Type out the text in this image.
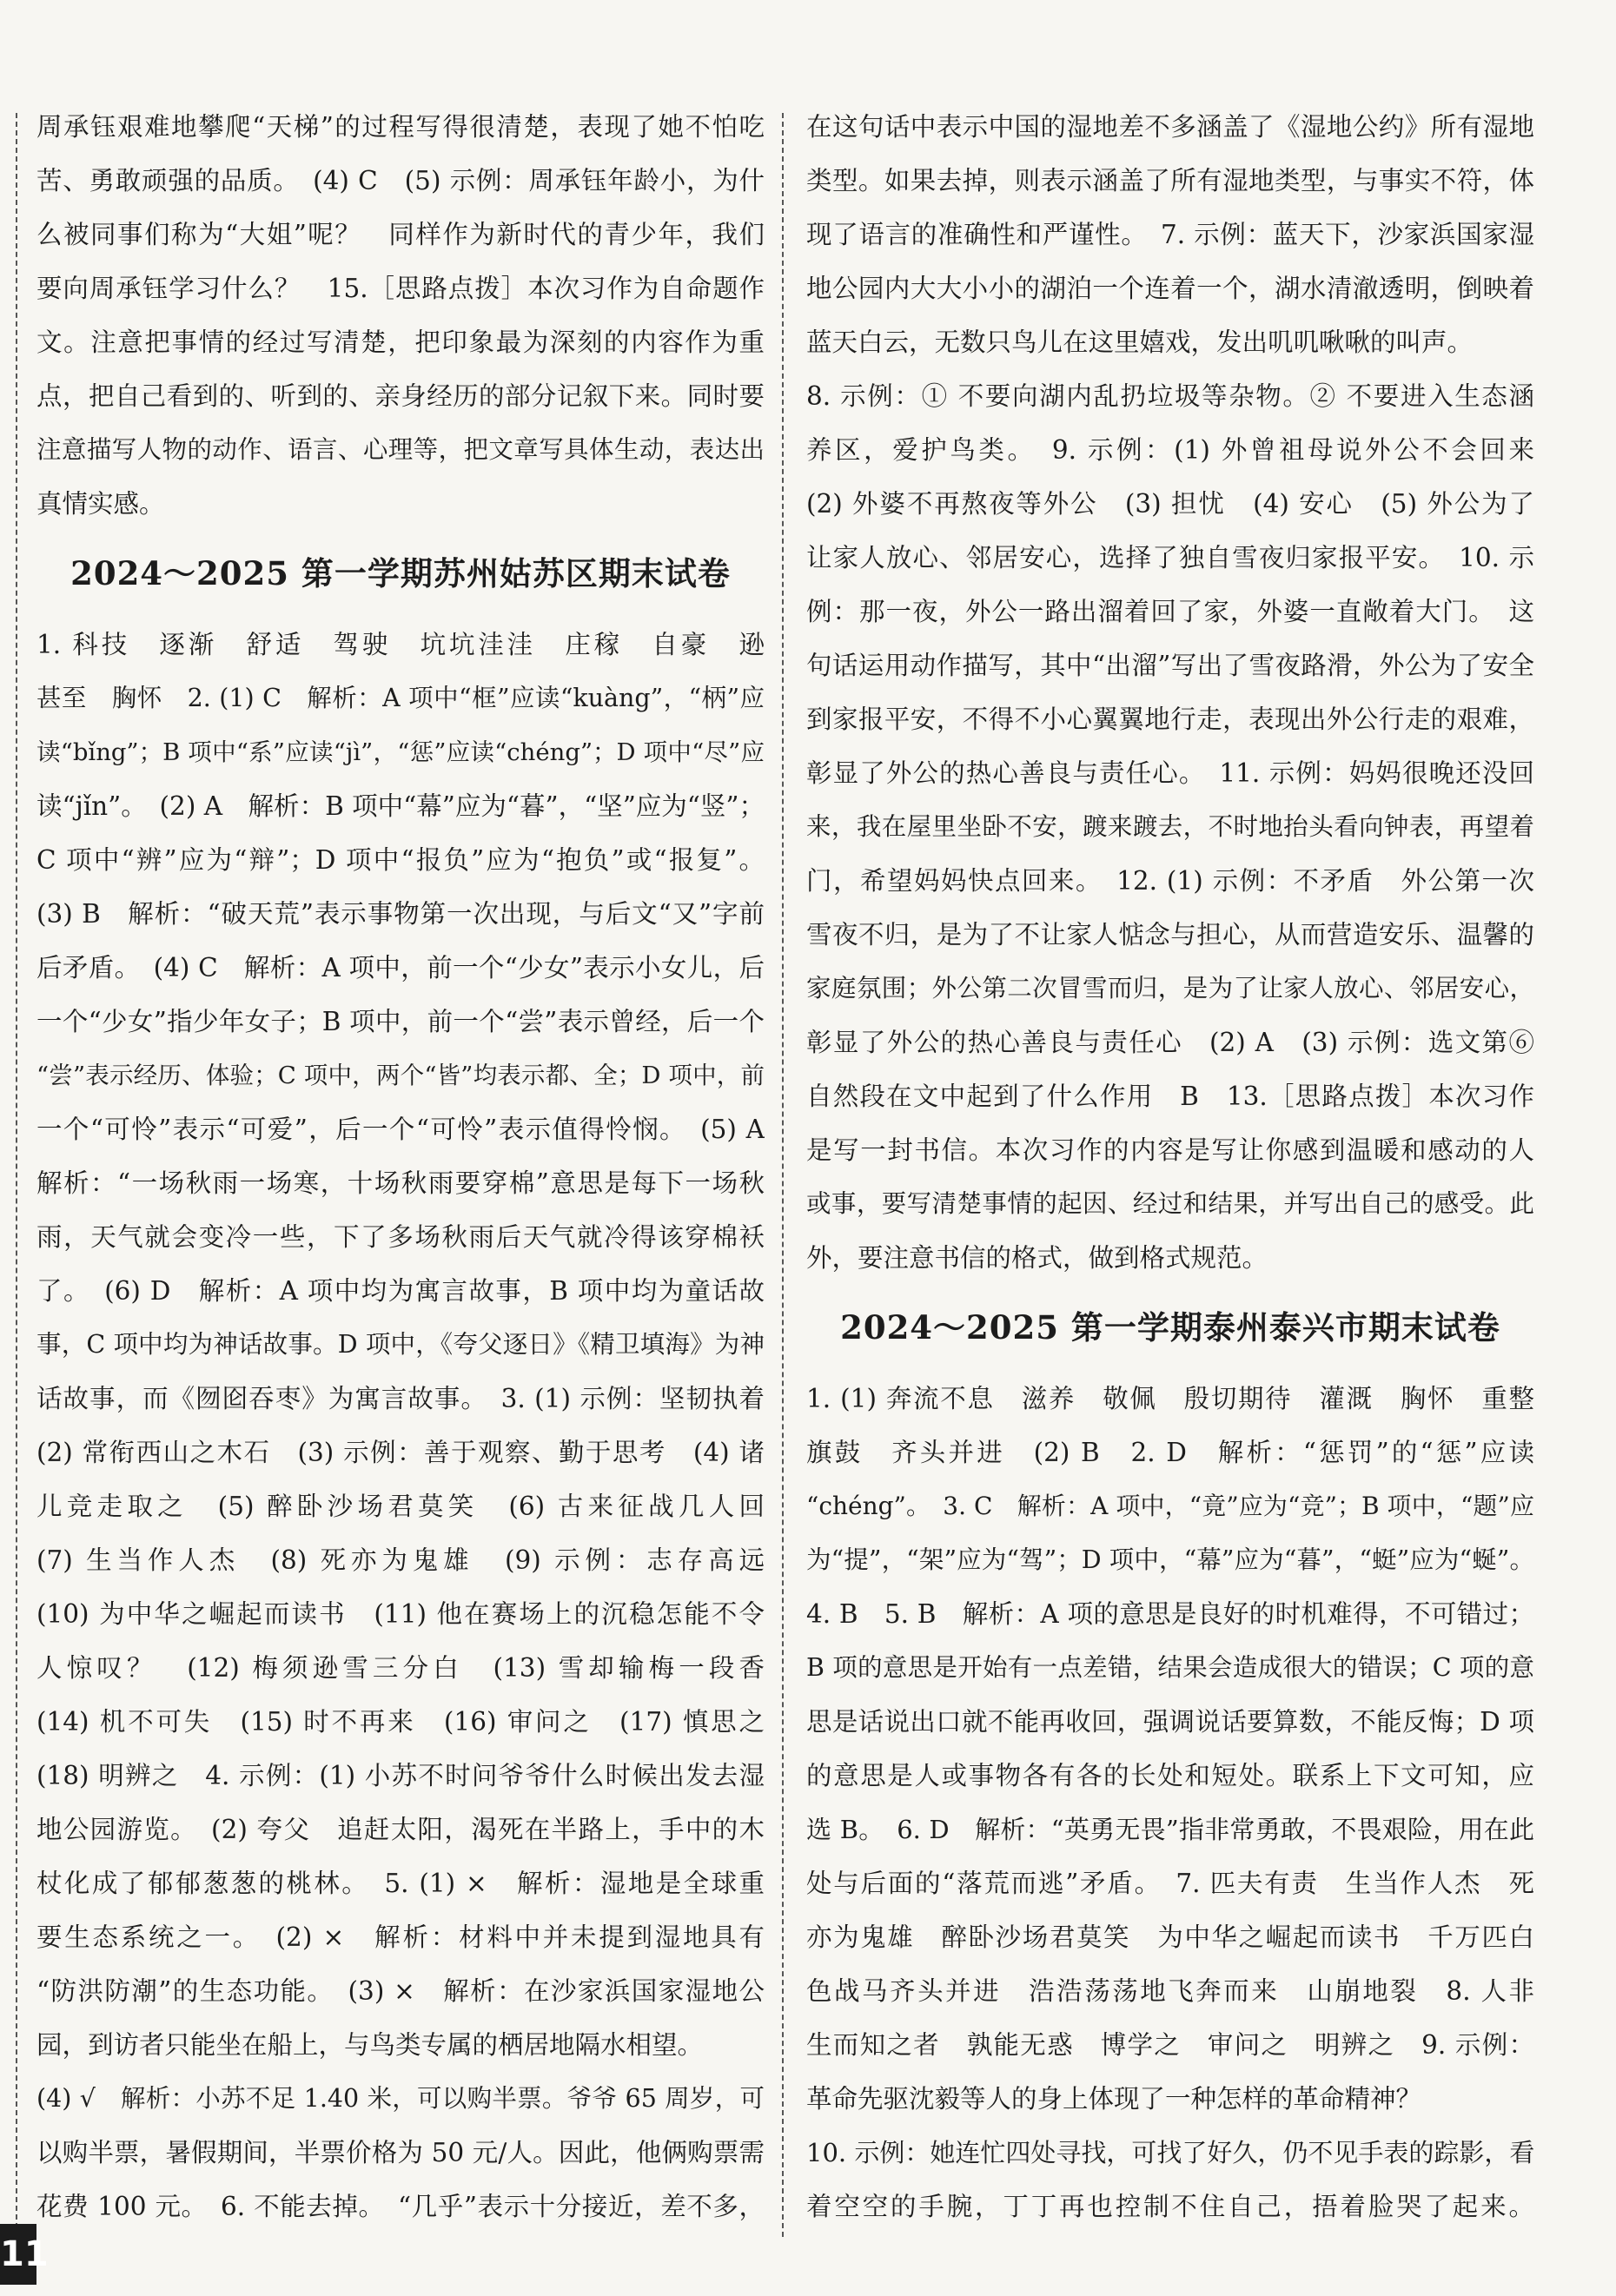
周承钰艰难地攀爬“天梯”的过程写得很清楚，表现了她不怕吃

苦、勇敢顽强的品质。　(4) C　(5) 示例：周承钰年龄小，为什

么被同事们称为“大姐”呢？　同样作为新时代的青少年，我们

要向周承钰学习什么？　15.［思路点拨］本次习作为自命题作

文。注意把事情的经过写清楚，把印象最为深刻的内容作为重

点，把自己看到的、听到的、亲身经历的部分记叙下来。同时要

注意描写人物的动作、语言、心理等，把文章写具体生动，表达出

真情实感。

2024～2025 第一学期苏州姑苏区期末试卷

1. 科技　逐渐　舒适　驾驶　坑坑洼洼　庄稼　自豪　逊

甚至　胸怀　2. (1) C　解析：A 项中“框”应读“kuàng”，“柄”应

读“bǐng”；B 项中“系”应读“jì”，“惩”应读“chéng”；D 项中“尽”应

读“jǐn”。　(2) A　解析：B 项中“幕”应为“暮”，“坚”应为“竖”；

C 项中“辨”应为“辩”；D 项中“报负”应为“抱负”或“报复”。

(3) B　解析：“破天荒”表示事物第一次出现，与后文“又”字前

后矛盾。　(4) C　解析：A 项中，前一个“少女”表示小女儿，后

一个“少女”指少年女子；B 项中，前一个“尝”表示曾经，后一个

“尝”表示经历、体验；C 项中，两个“皆”均表示都、全；D 项中，前

一个“可怜”表示“可爱”，后一个“可怜”表示值得怜悯。　(5) A

解析：“一场秋雨一场寒，十场秋雨要穿棉”意思是每下一场秋

雨，天气就会变冷一些，下了多场秋雨后天气就冷得该穿棉袄

了。　(6) D　解析：A 项中均为寓言故事，B 项中均为童话故

事，C 项中均为神话故事。D 项中，《夸父逐日》《精卫填海》为神

话故事，而《囫囵吞枣》为寓言故事。　3. (1) 示例：坚韧执着

(2) 常衔西山之木石　(3) 示例：善于观察、勤于思考　(4) 诸

儿竞走取之　(5) 醉卧沙场君莫笑　(6) 古来征战几人回

(7) 生当作人杰　(8) 死亦为鬼雄　(9) 示例：志存高远

(10) 为中华之崛起而读书　(11) 他在赛场上的沉稳怎能不令

人惊叹？　(12) 梅须逊雪三分白　(13) 雪却输梅一段香

(14) 机不可失　(15) 时不再来　(16) 审问之　(17) 慎思之

(18) 明辨之　4. 示例：(1) 小苏不时问爷爷什么时候出发去湿

地公园游览。　(2) 夸父　追赶太阳，渴死在半路上，手中的木

杖化成了郁郁葱葱的桃林。　5. (1) ×　解析：湿地是全球重

要生态系统之一。　(2) ×　解析：材料中并未提到湿地具有

“防洪防潮”的生态功能。　(3) ×　解析：在沙家浜国家湿地公

园，到访者只能坐在船上，与鸟类专属的栖居地隔水相望。

(4) √　解析：小苏不足 1.40 米，可以购半票。爷爷 65 周岁，可

以购半票，暑假期间，半票价格为 50 元/人。因此，他俩购票需

花费 100 元。　6. 不能去掉。　“几乎”表示十分接近，差不多，

在这句话中表示中国的湿地差不多涵盖了《湿地公约》所有湿地

类型。如果去掉，则表示涵盖了所有湿地类型，与事实不符，体

现了语言的准确性和严谨性。　7. 示例：蓝天下，沙家浜国家湿

地公园内大大小小的湖泊一个连着一个，湖水清澈透明，倒映着

蓝天白云，无数只鸟儿在这里嬉戏，发出叽叽啾啾的叫声。

8. 示例：① 不要向湖内乱扔垃圾等杂物。② 不要进入生态涵

养区，爱护鸟类。　9. 示例：(1) 外曾祖母说外公不会回来

(2) 外婆不再熬夜等外公　(3) 担忧　(4) 安心　(5) 外公为了

让家人放心、邻居安心，选择了独自雪夜归家报平安。　10. 示

例：那一夜，外公一路出溜着回了家，外婆一直敞着大门。　这

句话运用动作描写，其中“出溜”写出了雪夜路滑，外公为了安全

到家报平安，不得不小心翼翼地行走，表现出外公行走的艰难，

彰显了外公的热心善良与责任心。　11. 示例：妈妈很晚还没回

来，我在屋里坐卧不安，踱来踱去，不时地抬头看向钟表，再望着

门，希望妈妈快点回来。　12. (1) 示例：不矛盾　外公第一次

雪夜不归，是为了不让家人惦念与担心，从而营造安乐、温馨的

家庭氛围；外公第二次冒雪而归，是为了让家人放心、邻居安心，

彰显了外公的热心善良与责任心　(2) A　(3) 示例：选文第⑥

自然段在文中起到了什么作用　B　13.［思路点拨］本次习作

是写一封书信。本次习作的内容是写让你感到温暖和感动的人

或事，要写清楚事情的起因、经过和结果，并写出自己的感受。此

外，要注意书信的格式，做到格式规范。

2024～2025 第一学期泰州泰兴市期末试卷

1. (1) 奔流不息　滋养　敬佩　殷切期待　灌溉　胸怀　重整

旗鼓　齐头并进　(2) B　2. D　解析：“惩罚”的“惩”应读

“chéng”。　3. C　解析：A 项中，“竟”应为“竞”；B 项中，“题”应

为“提”，“架”应为“驾”；D 项中，“幕”应为“暮”，“蜓”应为“蜒”。

4. B　5. B　解析：A 项的意思是良好的时机难得，不可错过；

B 项的意思是开始有一点差错，结果会造成很大的错误；C 项的意

思是话说出口就不能再收回，强调说话要算数，不能反悔；D 项

的意思是人或事物各有各的长处和短处。联系上下文可知，应

选 B。　6. D　解析：“英勇无畏”指非常勇敢，不畏艰险，用在此

处与后面的“落荒而逃”矛盾。　7. 匹夫有责　生当作人杰　死

亦为鬼雄　醉卧沙场君莫笑　为中华之崛起而读书　千万匹白

色战马齐头并进　浩浩荡荡地飞奔而来　山崩地裂　8. 人非

生而知之者　孰能无惑　博学之　审问之　明辨之　9. 示例：

革命先驱沈毅等人的身上体现了一种怎样的革命精神？

10. 示例：她连忙四处寻找，可找了好久，仍不见手表的踪影，看

着空空的手腕，丁丁再也控制不住自己，捂着脸哭了起来。

11
